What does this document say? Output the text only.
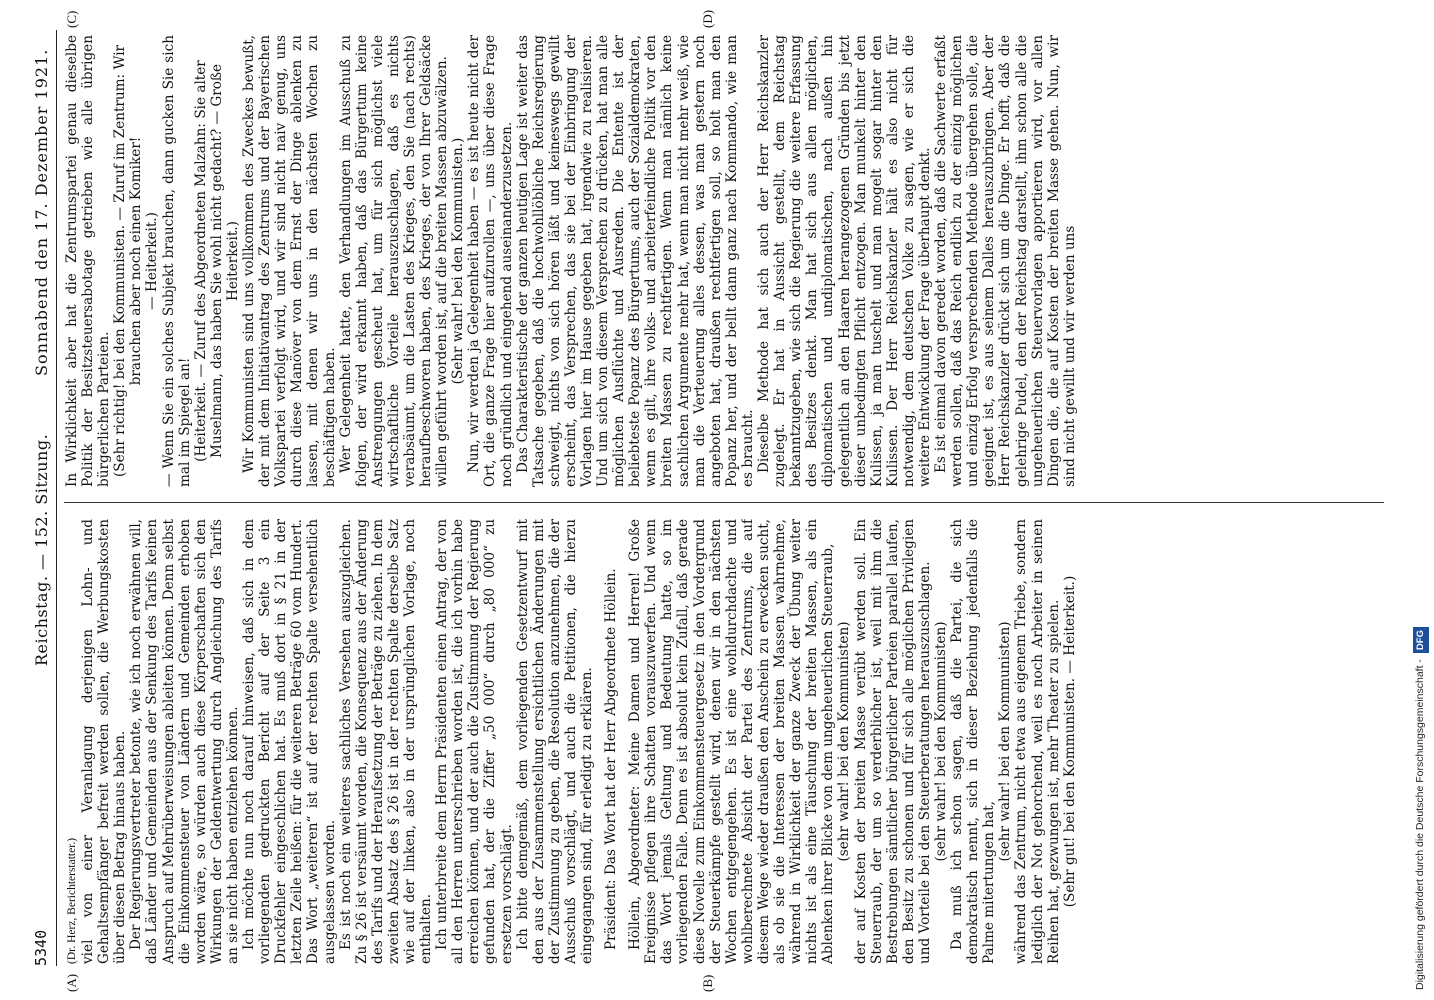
5340
Reichstag. — 152. Sitzung.
Sonnabend den 17. Dezember 1921.
(A)	(B)
(C)	(D)

(Dr. Herz, Berichterstatter.) viel von einer Veranlagung derjenigen Lohn- und Gehaltsempfänger befreit werden sollen, die Werbungskosten über diesen Betrag hinaus haben. Der Regierungsvertreter betonte, wie ich noch erwähnen will, daß Länder und Gemeinden aus der Senkung des Tarifs keinen Anspruch auf Mehrüberweisungen ableiten können. Denn selbst die Einkommensteuer von Ländern und Gemeinden erhoben worden wäre, so würden auch diese Körperschaften sich den Wirkungen der Geldentwertung durch Angleichung des Tarifs an sie nicht haben entziehen können. Ich möchte nun noch darauf hinweisen, daß sich in dem vorliegenden gedruckten Bericht auf der Seite 3 ein Druckfehler eingeschlichen hat. Es muß dort in § 21 in der letzten Zeile heißen: für die weiteren Beträge 60 vom Hundert. Das Wort „weiteren“ ist auf der rechten Spalte versehentlich ausgelassen worden. Es ist noch ein weiteres sachliches Versehen auszugleichen. Zu § 26 ist versäumt worden, die Konsequenz aus der Änderung des Tarifs und der Heraufsetzung der Beträge zu ziehen. In dem zweiten Absatz des § 26 ist in der rechten Spalte derselbe Satz wie auf der linken, also in der ursprünglichen Vorlage, noch enthalten. Ich unterbreite dem Herrn Präsidenten einen Antrag, der von all den Herren unterschrieben worden ist, die ich vorhin habe erreichen können, und der auch die Zustimmung der Regierung gefunden hat, der die Ziffer „50 000“ durch „80 000“ zu ersetzen vorschlägt. Ich bitte demgemäß, dem vorliegenden Gesetzentwurf mit den aus der Zusammenstellung ersichtlichen Änderungen mit der Zustimmung zu geben, die Resolution anzunehmen, die der Ausschuß vorschlägt, und auch die Petitionen, die hierzu eingegangen sind, für erledigt zu erklären. Präsident: Das Wort hat der Herr Abgeordnete Höllein. Höllein, Abgeordneter: Meine Damen und Herren! Große Ereignisse pflegen ihre Schatten vorauszuwerfen. Und wenn das Wort jemals Geltung und Bedeutung hatte, so im vorliegenden Falle. Denn es ist absolut kein Zufall, daß gerade diese Novelle zum Einkommensteuergesetz in den Vordergrund der Steuerkämpfe gestellt wird, denen wir in den nächsten Wochen entgegengehen. Es ist eine wohldurchdachte und wohlberechnete Absicht der Partei des Zentrums, die auf diesem Wege wieder draußen den Anschein zu erwecken sucht, als ob sie die Interessen der breiten Massen wahrnehme, während in Wirklichkeit der ganze Zweck der Übung weiter nichts ist als eine Täuschung der breiten Massen, als ein Ablenken ihrer Blicke von dem ungeheuerlichen Steuerraub, (sehr wahr! bei den Kommunisten) der auf Kosten der breiten Masse verübt werden soll. Ein Steuerraub, der um so verderblicher ist, weil mit ihm die Bestrebungen sämtlicher bürgerlicher Parteien parallel laufen, den Besitz zu schonen und für sich alle möglichen Privilegien und Vorteile bei den Steuerberatungen herauszuschlagen. (sehr wahr! bei den Kommunisten) Da muß ich schon sagen, daß die Partei, die sich demokratisch nennt, sich in dieser Beziehung jedenfalls die Palme mitertungen hat,

(sehr wahr! bei den Kommunisten) während das Zentrum, nicht etwa aus eigenem Triebe, sondern lediglich der Not gehorchend, weil es noch Arbeiter in seinen Reihen hat, gezwungen ist, mehr Theater zu spielen. (Sehr gut! bei den Kommunisten. — Heiterkeit.)

In Wirklichkeit aber hat die Zentrumspartei genau dieselbe Politik der Besitzsteuersabotage getrieben wie alle übrigen bürgerlichen Parteien. (Sehr richtig! bei den Kommunisten. — Zuruf im Zentrum: Wir brauchen aber noch einen Komiker! — Heiterkeit.) — Wenn Sie ein solches Subjekt brauchen, dann gucken Sie sich mal im Spiegel an! (Heiterkeit. — Zuruf des Abgeordneten Malzahn: Sie alter Muselmann, das haben Sie wohl nicht gedacht? — Große Heiterkeit.) Wir Kommunisten sind uns vollkommen des Zweckes bewußt, der mit dem Initiativantrag des Zentrums und der Bayerischen Volkspartei verfolgt wird, und wir sind nicht naiv genug, uns durch diese Manöver von dem Ernst der Dinge ablenken zu lassen, mit denen wir uns in den nächsten Wochen zu beschäftigen haben. Wer Gelegenheit hatte, den Verhandlungen im Ausschuß zu folgen, der wird erkannt haben, daß das Bürgertum keine Anstrengungen gescheut hat, um für sich möglichst viele wirtschaftliche Vorteile herauszuschlagen, daß es nichts verabsäumt, um die Lasten des Krieges, den Sie (nach rechts) heraufbeschworen haben, des Krieges, der von Ihrer Geldsäcke willen geführt worden ist, auf die breiten Massen abzuwälzen. (Sehr wahr! bei den Kommunisten.) Nun, wir werden ja Gelegenheit haben — es ist heute nicht der Ort, die ganze Frage hier aufzurollen —, uns über diese Frage noch gründlich und eingehend auseinanderzusetzen. Das Charakteristische der ganzen heutigen Lage ist weiter das Tatsache gegeben, daß die hochwohllöbliche Reichsregierung schweigt, nichts von sich hören läßt und keineswegs gewillt erscheint, das Versprechen, das sie bei der Einbringung der Vorlagen hier im Hause gegeben hat, irgendwie zu realisieren. Und um sich von diesem Versprechen zu drücken, hat man alle möglichen Ausflüchte und Ausreden. Die Entente ist der beliebteste Popanz des Bürgertums, auch der Sozialdemokraten, wenn es gilt, ihre volks- und arbeiterfeindliche Politik vor den breiten Massen zu rechtfertigen. Wenn man nämlich keine sachlichen Argumente mehr hat, wenn man nicht mehr weiß, wie man die Verteuerung alles dessen, was man gestern noch angeboten hat, draußen rechtfertigen soll, so holt man den Popanz her, und der bellt dann ganz nach Kommando, wie man es braucht. Dieselbe Methode hat sich auch der Herr Reichskanzler zugelegt. Er hat in Aussicht gestellt, dem Reichstag bekanntzugeben, wie sich die Regierung die weitere Erfassung des Besitzes denkt. Man hat sich aus allen möglichen, diplomatischen und undiplomatischen, nach außen hin gelegentlich an den Haaren herangezogenen Gründen bis jetzt dieser unbedingten Pflicht entzogen. Man munkelt hinter den Kulissen, ja man tuschelt und man mogelt sogar hinter den Kulissen. Der Herr Reichskanzler hält es also nicht für notwendig, dem deutschen Volke zu sagen, wie er sich die weitere Entwicklung der Frage überhaupt denkt. Es ist einmal davon geredet worden, daß die Sachwerte erfaßt werden sollen, daß das Reich endlich zu der einzig möglichen und einzig Erfolg versprechenden Methode übergehen solle, die geeignet ist, es aus seinem Dalles herauszubringen. Aber der Herr Reichskanzler drückt sich um die Dinge. Er hofft, daß die gelehrige Pudel, den der Reichstag darstellt, ihm schon alle die ungeheuerlichen Steuervorlagen apportieren wird, vor allen Dingen die, die auf Kosten der breiten Masse gehen. Nun, wir sind nicht gewillt und wir werden uns

Digitalisierung gefördert durch die Deutsche Forschungsgemeinschaft -DFG
